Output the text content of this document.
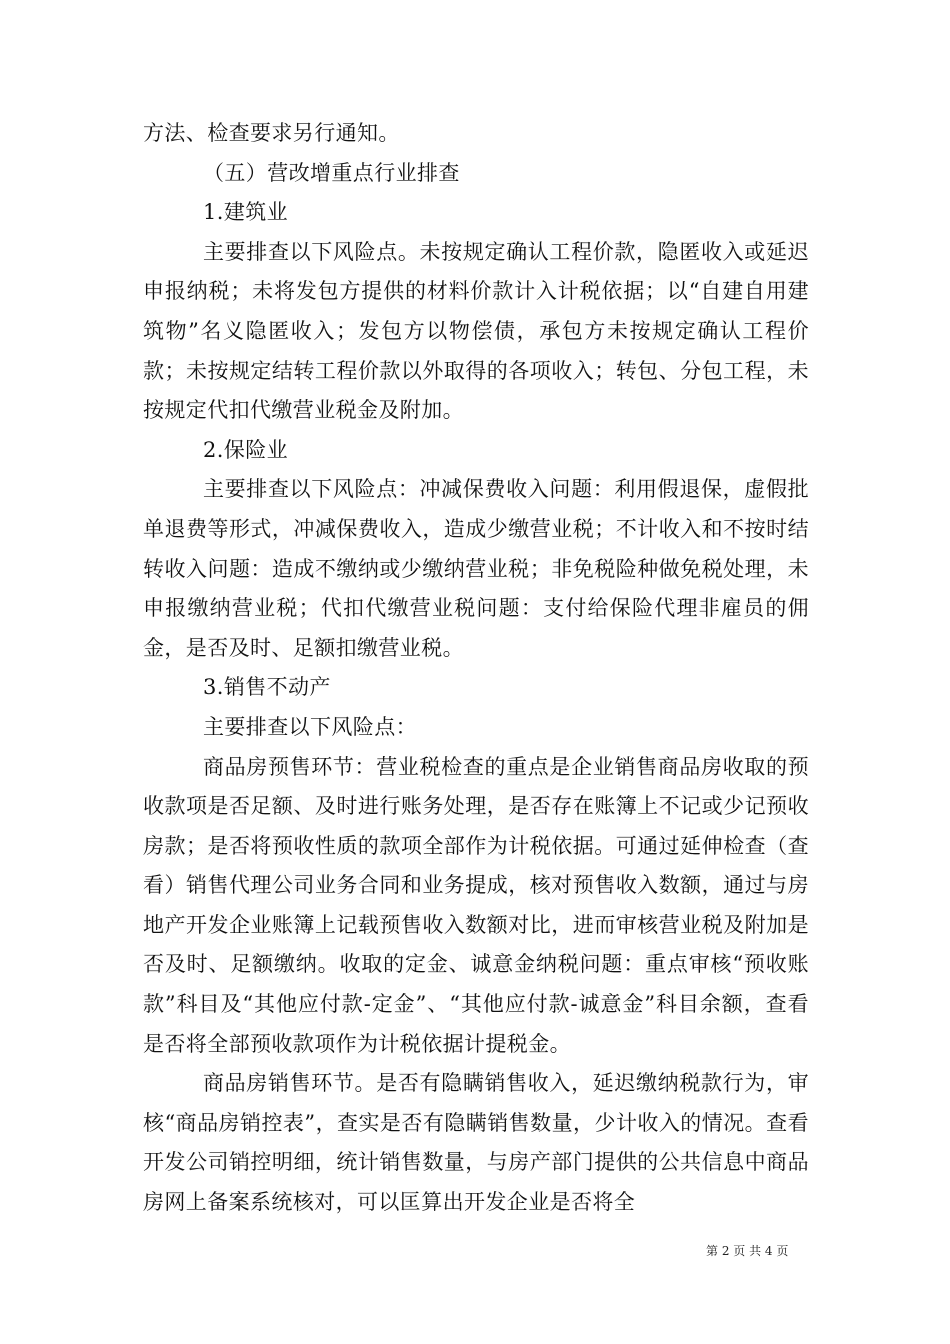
方法、检查要求另行通知。

（五）营改增重点行业排查

1.建筑业

主要排查以下风险点。未按规定确认工程价款，隐匿收入或延迟申报纳税；未将发包方提供的材料价款计入计税依据；以“自建自用建筑物”名义隐匿收入；发包方以物偿债，承包方未按规定确认工程价款；未按规定结转工程价款以外取得的各项收入；转包、分包工程，未按规定代扣代缴营业税金及附加。

2.保险业

主要排查以下风险点：冲减保费收入问题：利用假退保，虚假批单退费等形式，冲减保费收入，造成少缴营业税；不计收入和不按时结转收入问题：造成不缴纳或少缴纳营业税；非免税险种做免税处理，未申报缴纳营业税；代扣代缴营业税问题：支付给保险代理非雇员的佣金，是否及时、足额扣缴营业税。

3.销售不动产

主要排查以下风险点：

商品房预售环节：营业税检查的重点是企业销售商品房收取的预收款项是否足额、及时进行账务处理，是否存在账簿上不记或少记预收房款；是否将预收性质的款项全部作为计税依据。可通过延伸检查（查看）销售代理公司业务合同和业务提成，核对预售收入数额，通过与房地产开发企业账簿上记载预售收入数额对比，进而审核营业税及附加是否及时、足额缴纳。收取的定金、诚意金纳税问题：重点审核“预收账款”科目及“其他应付款-定金”、“其他应付款-诚意金”科目余额，查看是否将全部预收款项作为计税依据计提税金。

商品房销售环节。是否有隐瞒销售收入，延迟缴纳税款行为，审核“商品房销控表”，查实是否有隐瞒销售数量，少计收入的情况。查看开发公司销控明细，统计销售数量，与房产部门提供的公共信息中商品房网上备案系统核对，可以匡算出开发企业是否将全

第 2 页 共 4 页
